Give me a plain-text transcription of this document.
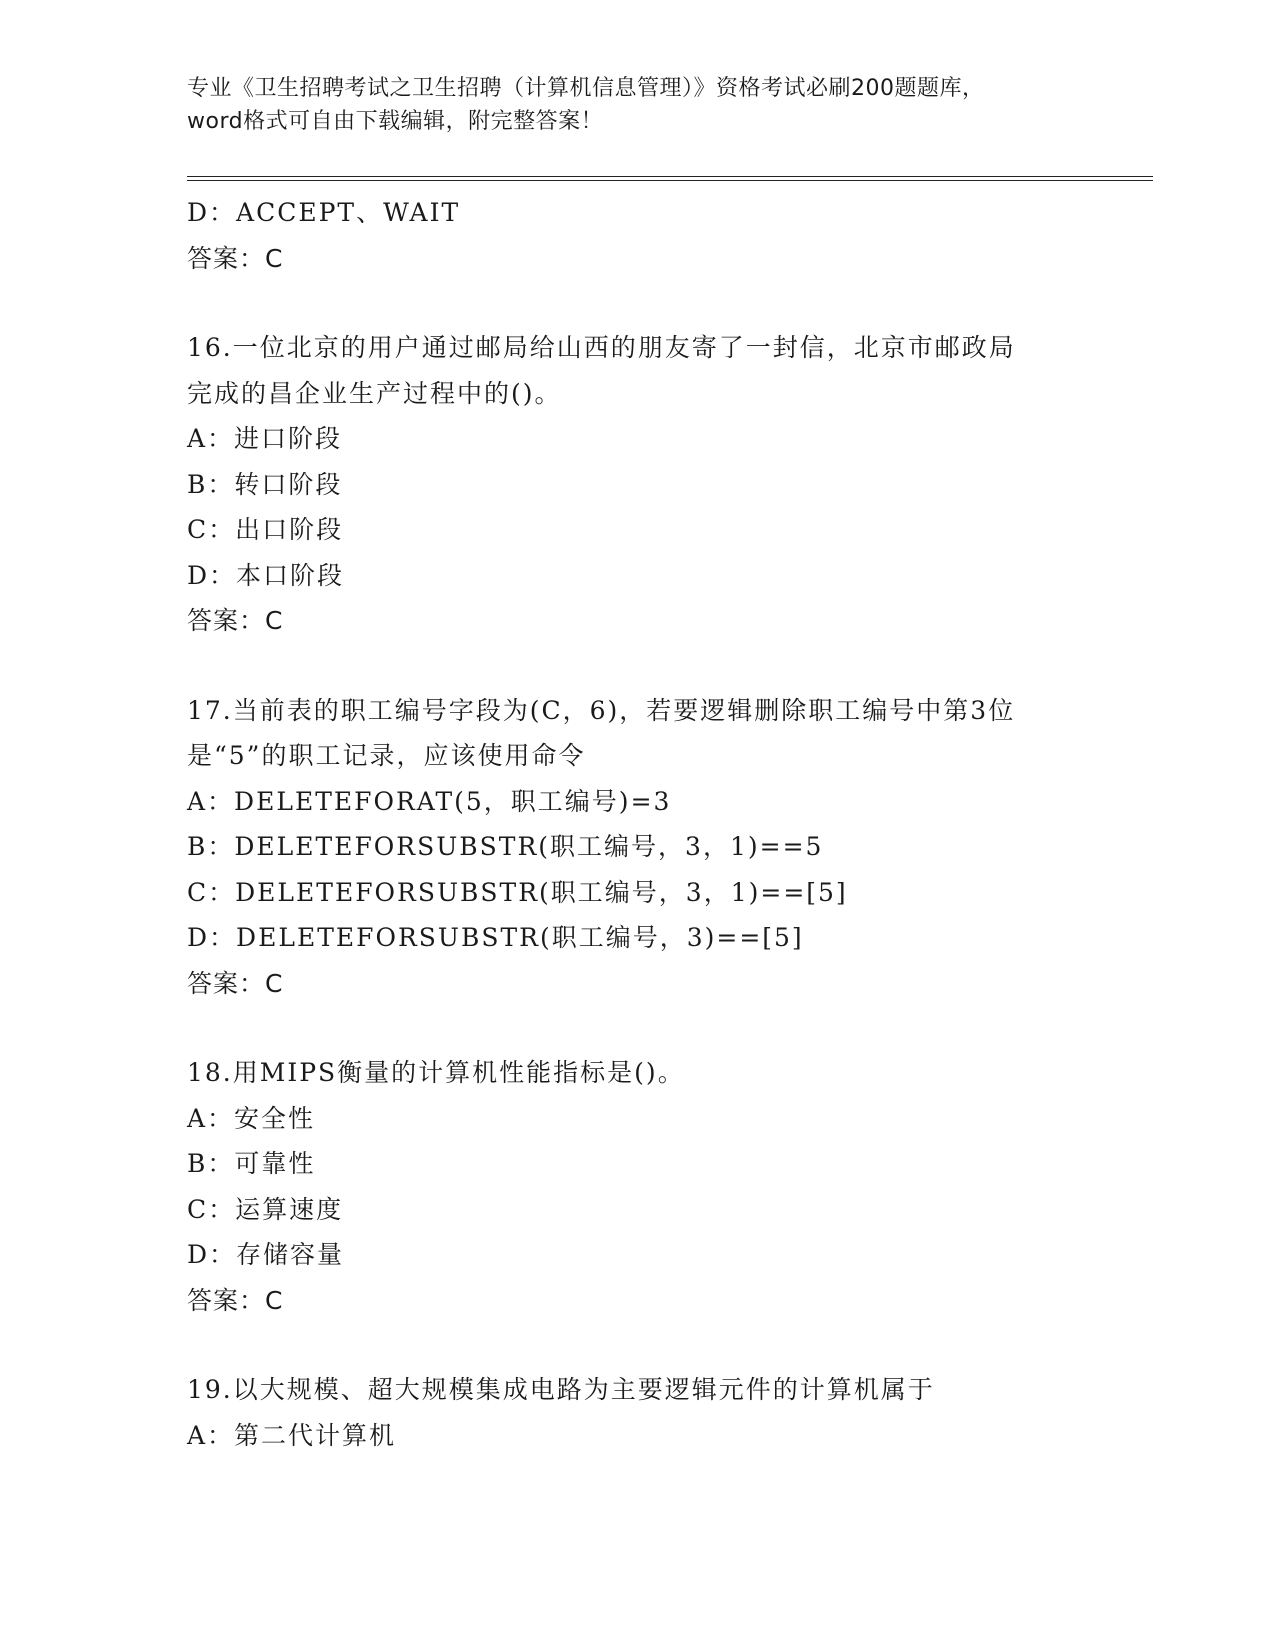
专业《卫生招聘考试之卫生招聘（计算机信息管理）》资格考试必刷200题题库，
word格式可自由下载编辑，附完整答案！
D：ACCEPT、WAIT
答案：C
16.一位北京的用户通过邮局给山西的朋友寄了一封信，北京市邮政局
完成的昌企业生产过程中的()。
A：进口阶段
B：转口阶段
C：出口阶段
D：本口阶段
答案：C
17.当前表的职工编号字段为(C，6)，若要逻辑删除职工编号中第3位
是“5”的职工记录，应该使用命令
A：DELETEFORAT(5，职工编号)=3
B：DELETEFORSUBSTR(职工编号，3，1)==5
C：DELETEFORSUBSTR(职工编号，3，1)==[5]
D：DELETEFORSUBSTR(职工编号，3)==[5]
答案：C
18.用MIPS衡量的计算机性能指标是()。
A：安全性
B：可靠性
C：运算速度
D：存储容量
答案：C
19.以大规模、超大规模集成电路为主要逻辑元件的计算机属于
A：第二代计算机
